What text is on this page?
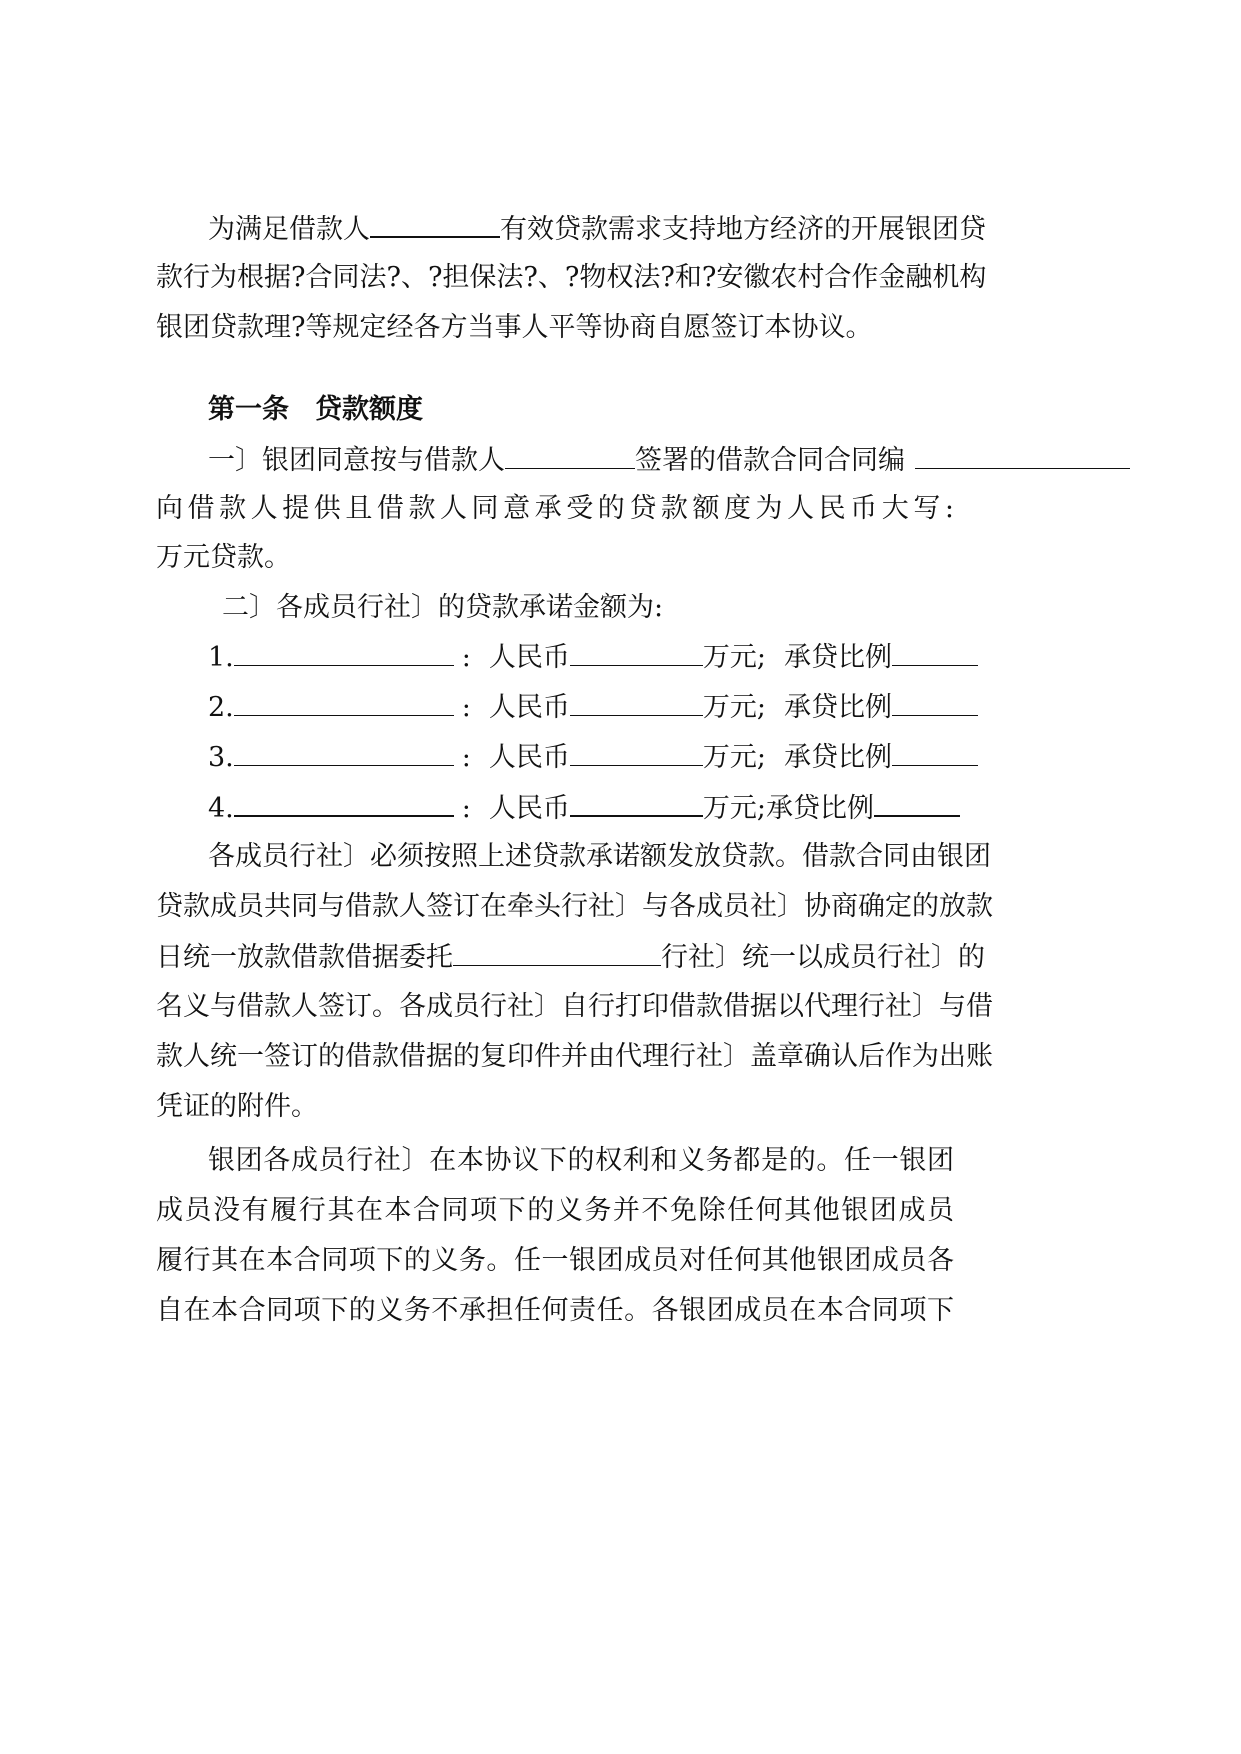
为满足借款人	有效贷款需求支持地方经济的开展银团贷
款行为根据?合同法?、?担保法?、?物权法?和?安徽农村合作金融机构
银团贷款理?等规定经各方当事人平等协商自愿签订本协议。
第一条 贷款额度
一〕银团同意按与借款人	签署的借款合同合同编
向借款人提供且借款人同意承受的贷款额度为人民币大写:
万元贷款。
二〕各成员行社〕的贷款承诺金额为:
1.	: 人民币	万元; 承贷比例
2.	: 人民币	万元; 承贷比例
3.	: 人民币	万元; 承贷比例
4.	: 人民币	万元;承贷比例
各成员行社〕必须按照上述贷款承诺额发放贷款。借款合同由银团
贷款成员共同与借款人签订在牵头行社〕与各成员社〕协商确定的放款
日统一放款借款借据委托	行社〕统一以成员行社〕的
名义与借款人签订。各成员行社〕自行打印借款借据以代理行社〕与借
款人统一签订的借款借据的复印件并由代理行社〕盖章确认后作为出账
凭证的附件。
银团各成员行社〕在本协议下的权利和义务都是的。任一银团
成员没有履行其在本合同项下的义务并不免除任何其他银团成员
履行其在本合同项下的义务。任一银团成员对任何其他银团成员各
自在本合同项下的义务不承担任何责任。各银团成员在本合同项下
